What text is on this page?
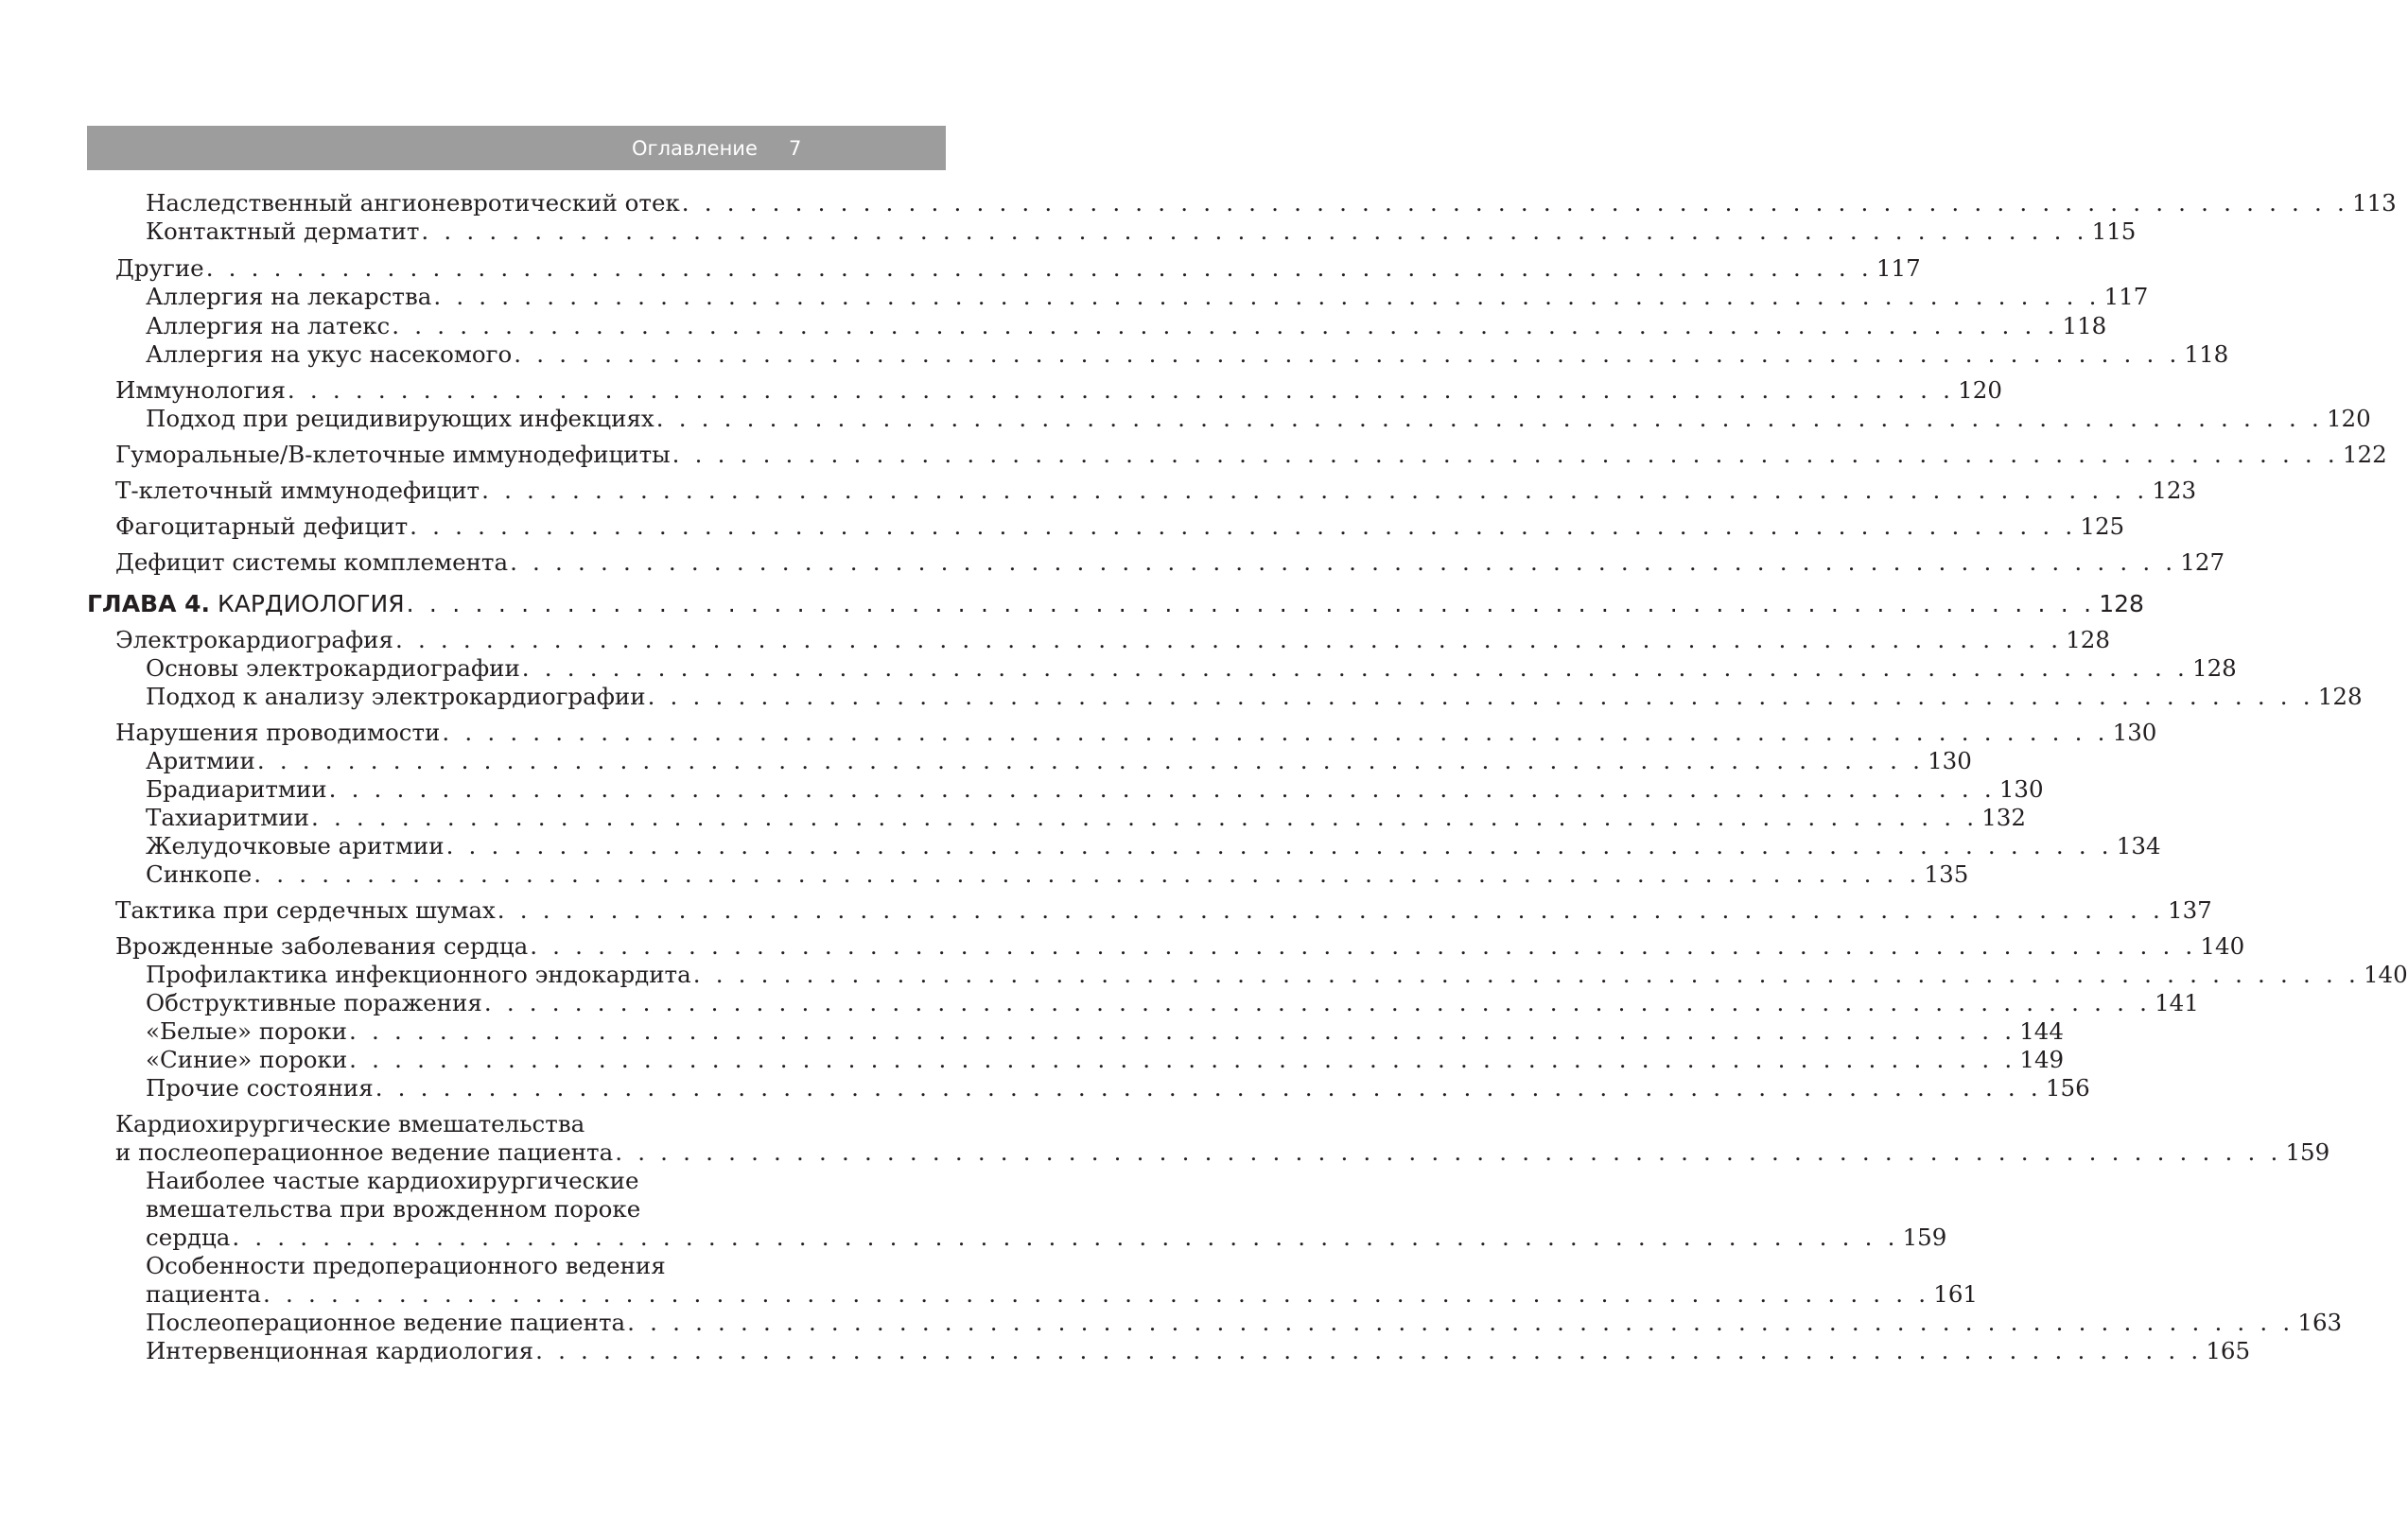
Оглавление 7
Наследственный ангионевротический отек . . . . . . . . . . . . . . . . . . . . . . . . . . . . . . . . . . . . . . . . . . . . . . . . . . . . . . . . . . . . . . . . . . . . . . . . . . 113
Контактный дерматит . . . . . . . . . . . . . . . . . . . . . . . . . . . . . . . . . . . . . . . . . . . . . . . . . . . . . . . . . . . . . . . . . . . . . . . . . . 115
Другие . . . . . . . . . . . . . . . . . . . . . . . . . . . . . . . . . . . . . . . . . . . . . . . . . . . . . . . . . . . . . . . . . . . . . . . . . . 117
Аллергия на лекарства . . . . . . . . . . . . . . . . . . . . . . . . . . . . . . . . . . . . . . . . . . . . . . . . . . . . . . . . . . . . . . . . . . . . . . . . . . 117
Аллергия на латекс . . . . . . . . . . . . . . . . . . . . . . . . . . . . . . . . . . . . . . . . . . . . . . . . . . . . . . . . . . . . . . . . . . . . . . . . . . 118
Аллергия на укус насекомого . . . . . . . . . . . . . . . . . . . . . . . . . . . . . . . . . . . . . . . . . . . . . . . . . . . . . . . . . . . . . . . . . . . . . . . . . . 118
Иммунология . . . . . . . . . . . . . . . . . . . . . . . . . . . . . . . . . . . . . . . . . . . . . . . . . . . . . . . . . . . . . . . . . . . . . . . . . . 120
Подход при рецидивирующих инфекциях . . . . . . . . . . . . . . . . . . . . . . . . . . . . . . . . . . . . . . . . . . . . . . . . . . . . . . . . . . . . . . . . . . . . . . . . . . 120
Гуморальные/В-клеточные иммунодефициты . . . . . . . . . . . . . . . . . . . . . . . . . . . . . . . . . . . . . . . . . . . . . . . . . . . . . . . . . . . . . . . . . . . . . . . . . . 122
Т-клеточный иммунодефицит . . . . . . . . . . . . . . . . . . . . . . . . . . . . . . . . . . . . . . . . . . . . . . . . . . . . . . . . . . . . . . . . . . . . . . . . . . 123
Фагоцитарный дефицит . . . . . . . . . . . . . . . . . . . . . . . . . . . . . . . . . . . . . . . . . . . . . . . . . . . . . . . . . . . . . . . . . . . . . . . . . . 125
Дефицит системы комплемента . . . . . . . . . . . . . . . . . . . . . . . . . . . . . . . . . . . . . . . . . . . . . . . . . . . . . . . . . . . . . . . . . . . . . . . . . . 127
ГЛАВА 4. КАРДИОЛОГИЯ . . . . . . . . . . . . . . . . . . . . . . . . . . . . . . . . . . . . . . . . . . . . . . . . . . . . . . . . . . . . . . . . . . . . . . . . . . 128
Электрокардиография . . . . . . . . . . . . . . . . . . . . . . . . . . . . . . . . . . . . . . . . . . . . . . . . . . . . . . . . . . . . . . . . . . . . . . . . . . 128
Основы электрокардиографии . . . . . . . . . . . . . . . . . . . . . . . . . . . . . . . . . . . . . . . . . . . . . . . . . . . . . . . . . . . . . . . . . . . . . . . . . . 128
Подход к анализу электрокардиографии . . . . . . . . . . . . . . . . . . . . . . . . . . . . . . . . . . . . . . . . . . . . . . . . . . . . . . . . . . . . . . . . . . . . . . . . . . 128
Нарушения проводимости . . . . . . . . . . . . . . . . . . . . . . . . . . . . . . . . . . . . . . . . . . . . . . . . . . . . . . . . . . . . . . . . . . . . . . . . . . 130
Аритмии . . . . . . . . . . . . . . . . . . . . . . . . . . . . . . . . . . . . . . . . . . . . . . . . . . . . . . . . . . . . . . . . . . . . . . . . . . 130
Брадиаритмии . . . . . . . . . . . . . . . . . . . . . . . . . . . . . . . . . . . . . . . . . . . . . . . . . . . . . . . . . . . . . . . . . . . . . . . . . . 130
Тахиаритмии . . . . . . . . . . . . . . . . . . . . . . . . . . . . . . . . . . . . . . . . . . . . . . . . . . . . . . . . . . . . . . . . . . . . . . . . . . 132
Желудочковые аритмии . . . . . . . . . . . . . . . . . . . . . . . . . . . . . . . . . . . . . . . . . . . . . . . . . . . . . . . . . . . . . . . . . . . . . . . . . . 134
Синкопе . . . . . . . . . . . . . . . . . . . . . . . . . . . . . . . . . . . . . . . . . . . . . . . . . . . . . . . . . . . . . . . . . . . . . . . . . . 135
Тактика при сердечных шумах . . . . . . . . . . . . . . . . . . . . . . . . . . . . . . . . . . . . . . . . . . . . . . . . . . . . . . . . . . . . . . . . . . . . . . . . . . 137
Врожденные заболевания сердца . . . . . . . . . . . . . . . . . . . . . . . . . . . . . . . . . . . . . . . . . . . . . . . . . . . . . . . . . . . . . . . . . . . . . . . . . . 140
Профилактика инфекционного эндокардита . . . . . . . . . . . . . . . . . . . . . . . . . . . . . . . . . . . . . . . . . . . . . . . . . . . . . . . . . . . . . . . . . . . . . . . . . . 140
Обструктивные поражения . . . . . . . . . . . . . . . . . . . . . . . . . . . . . . . . . . . . . . . . . . . . . . . . . . . . . . . . . . . . . . . . . . . . . . . . . . 141
«Белые» пороки . . . . . . . . . . . . . . . . . . . . . . . . . . . . . . . . . . . . . . . . . . . . . . . . . . . . . . . . . . . . . . . . . . . . . . . . . . 144
«Синие» пороки . . . . . . . . . . . . . . . . . . . . . . . . . . . . . . . . . . . . . . . . . . . . . . . . . . . . . . . . . . . . . . . . . . . . . . . . . . 149
Прочие состояния . . . . . . . . . . . . . . . . . . . . . . . . . . . . . . . . . . . . . . . . . . . . . . . . . . . . . . . . . . . . . . . . . . . . . . . . . . 156
Кардиохирургические вмешательства
и послеоперационное ведение пациента . . . . . . . . . . . . . . . . . . . . . . . . . . . . . . . . . . . . . . . . . . . . . . . . . . . . . . . . . . . . . . . . . . . . . . . . . . 159
Наиболее частые кардиохирургические
вмешательства при врожденном пороке
сердца . . . . . . . . . . . . . . . . . . . . . . . . . . . . . . . . . . . . . . . . . . . . . . . . . . . . . . . . . . . . . . . . . . . . . . . . . . 159
Особенности предоперационного ведения
пациента . . . . . . . . . . . . . . . . . . . . . . . . . . . . . . . . . . . . . . . . . . . . . . . . . . . . . . . . . . . . . . . . . . . . . . . . . . 161
Послеоперационное ведение пациента . . . . . . . . . . . . . . . . . . . . . . . . . . . . . . . . . . . . . . . . . . . . . . . . . . . . . . . . . . . . . . . . . . . . . . . . . . 163
Интервенционная кардиология . . . . . . . . . . . . . . . . . . . . . . . . . . . . . . . . . . . . . . . . . . . . . . . . . . . . . . . . . . . . . . . . . . . . . . . . . . 165
